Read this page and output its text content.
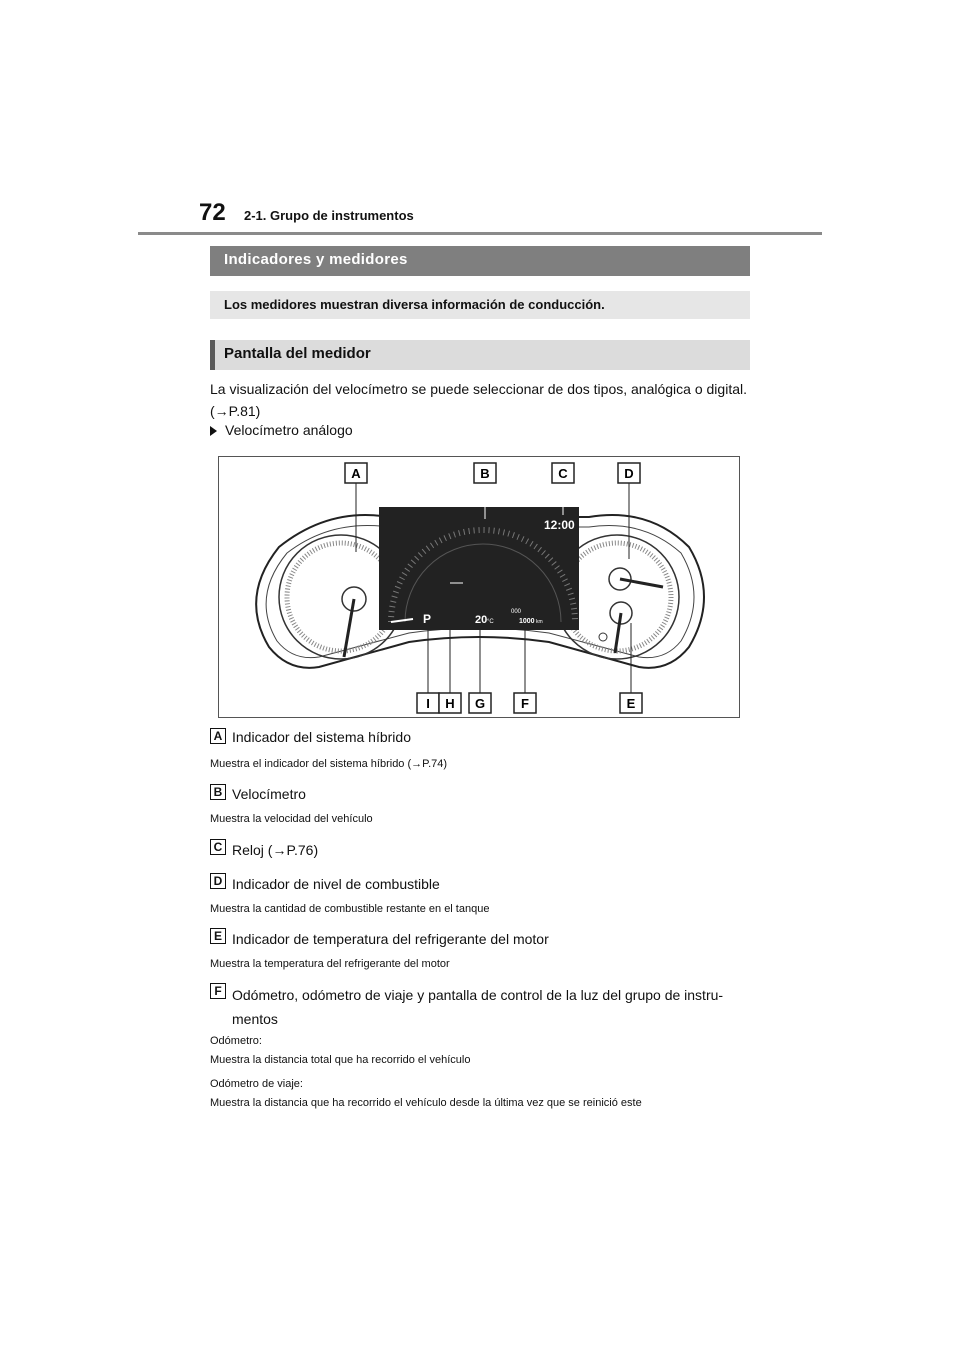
72 2-1. Grupo de instrumentos
Indicadores y medidores
Los medidores muestran diversa información de conducción.
Pantalla del medidor
La visualización del velocímetro se puede seleccionar de dos tipos, analógica o digital. (→P.81)
Velocímetro análogo
12:00
P	20 °C
000
1000 km
A	B	C	D
I H G	F	E
A Indicador del sistema híbrido
Muestra el indicador del sistema híbrido (→P.74)
B Velocímetro
Muestra la velocidad del vehículo
C Reloj (→P.76)
D Indicador de nivel de combustible
Muestra la cantidad de combustible restante en el tanque
E Indicador de temperatura del refrigerante del motor
Muestra la temperatura del refrigerante del motor
F Odómetro, odómetro de viaje y pantalla de control de la luz del grupo de instru-mentos
Odómetro:
Muestra la distancia total que ha recorrido el vehículo
Odómetro de viaje:
Muestra la distancia que ha recorrido el vehículo desde la última vez que se reinició este
